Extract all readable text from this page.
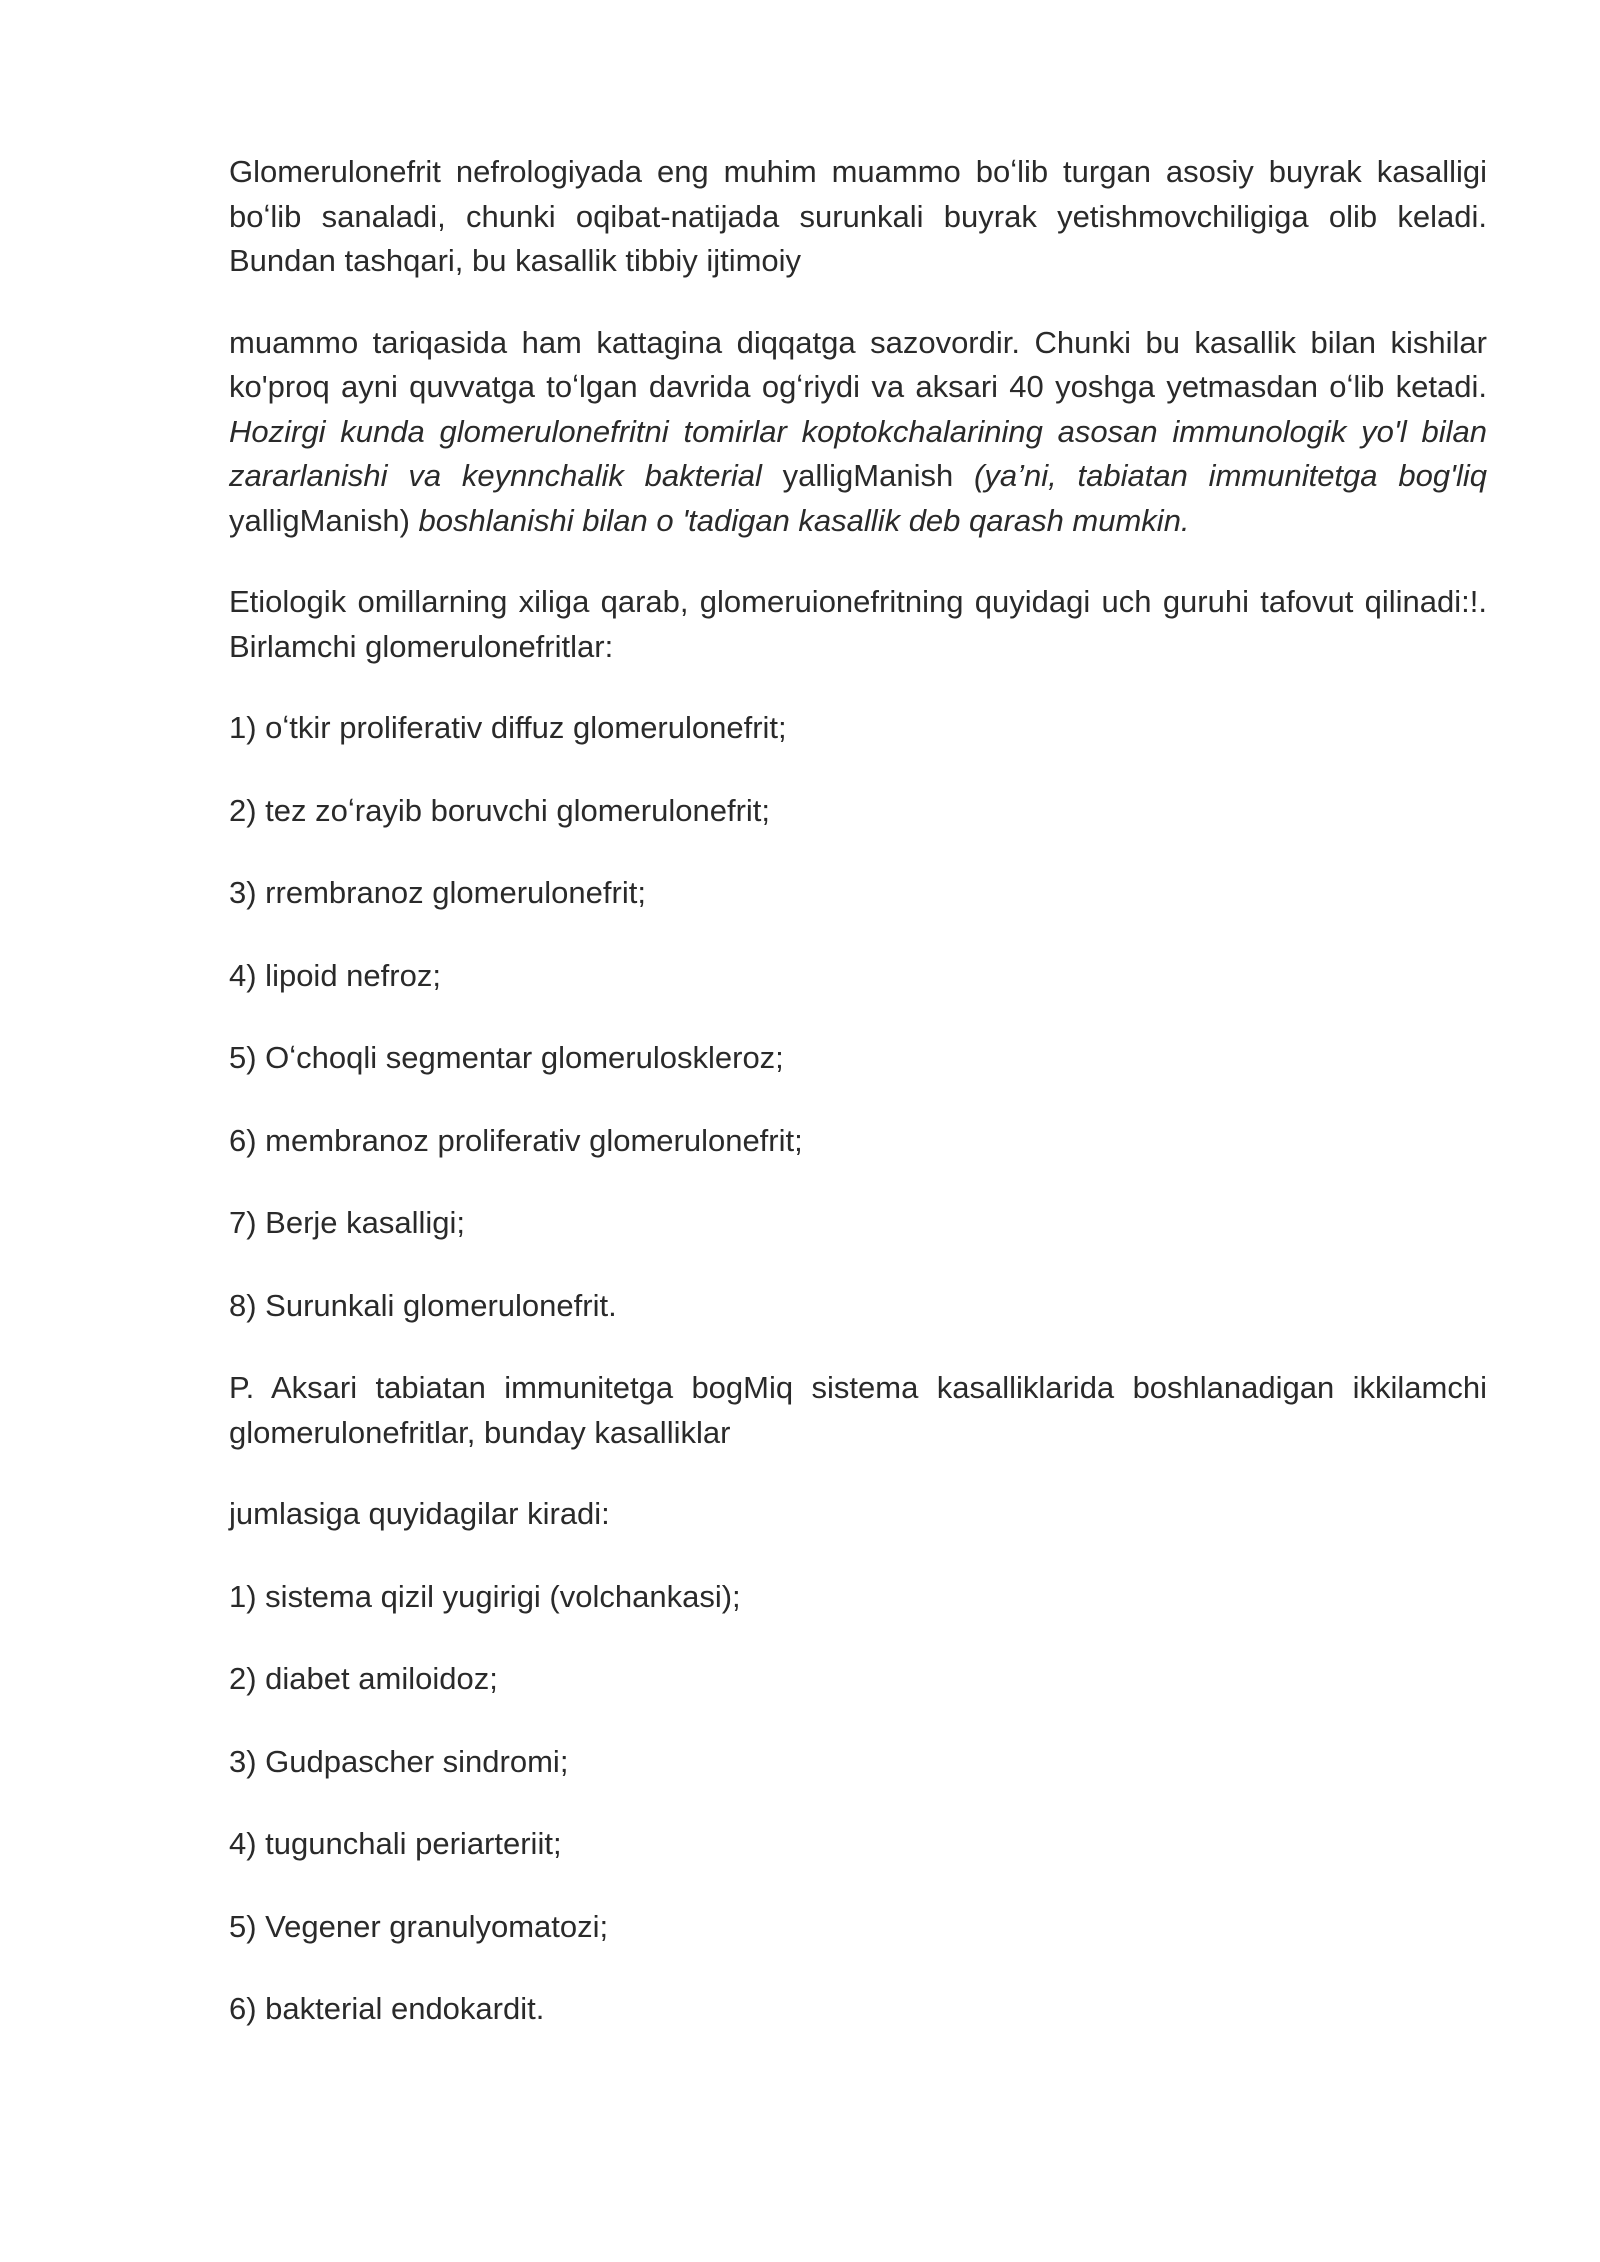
Glomerulonefrit nefrologiyada eng muhim muammo boʻlib turgan asosiy buyrak kasalligi boʻlib sanaladi, chunki oqibat-natijada surunkali buyrak yetishmovchiligiga olib keladi. Bundan tashqari, bu kasallik tibbiy ijtimoiy

muammo tariqasida ham kattagina diqqatga sazovordir. Chunki bu kasallik bilan kishilar ko'proq ayni quvvatga toʻlgan davrida ogʻriydi va aksari 40 yoshga yetmasdan oʻlib ketadi. Hozirgi kunda glomerulonefritni tomirlar koptokchalarining asosan immunologik yo'l bilan zararlanishi va keynnchalik bakterial yalligManish (ya’ni, tabiatan immunitetga bog'liq yalligManish) boshlanishi bilan o 'tadigan kasallik deb qarash mumkin.

Etiologik omillarning xiliga qarab, glomeruionefritning quyidagi uch guruhi tafovut qilinadi:!. Birlamchi glomerulonefritlar:

1) oʻtkir proliferativ diffuz glomerulonefrit;

2) tez zoʻrayib boruvchi glomerulonefrit;

3) rrembranoz glomerulonefrit;

4) lipoid nefroz;

5) Oʻchoqli segmentar glomeruloskleroz;

6) membranoz proliferativ glomerulonefrit;

7) Berje kasalligi;

8) Surunkali glomerulonefrit.

P. Aksari tabiatan immunitetga bogMiq sistema kasalliklarida boshlanadigan ikkilamchi glomerulonefritlar, bunday kasalliklar

jumlasiga quyidagilar kiradi:

1) sistema qizil yugirigi (volchankasi);

2) diabet amiloidoz;

3) Gudpascher sindromi;

4) tugunchali periarteriit;

5) Vegener granulyomatozi;

6) bakterial endokardit.
